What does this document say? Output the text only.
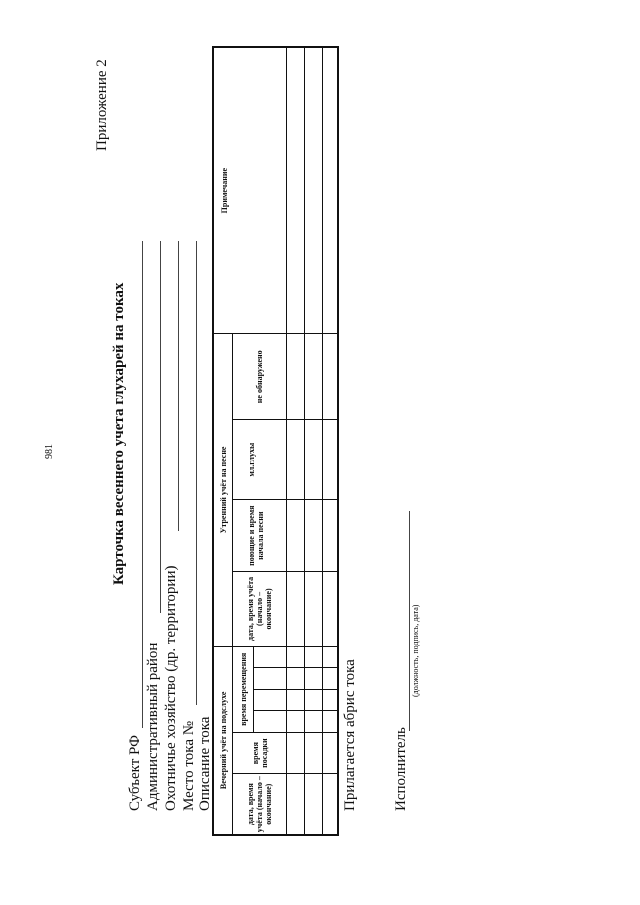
981
Приложение 2
Карточка весеннего учета глухарей на токах
Субъект РФ Административный район Охотничье хозяйство (др. территории) Место тока № Описание тока Вечерний учёт на подслухе						Утренний учёт на песне				Примечание
дата, время учёта (начало – окончание)	время посадки	время перемещения				дата, время учёта (начало – окончание)	поющие и время начала песни	мл.глухы	не обнаружено	

Прилагается абрис тока Исполнитель
(должность, подпись, дата)
